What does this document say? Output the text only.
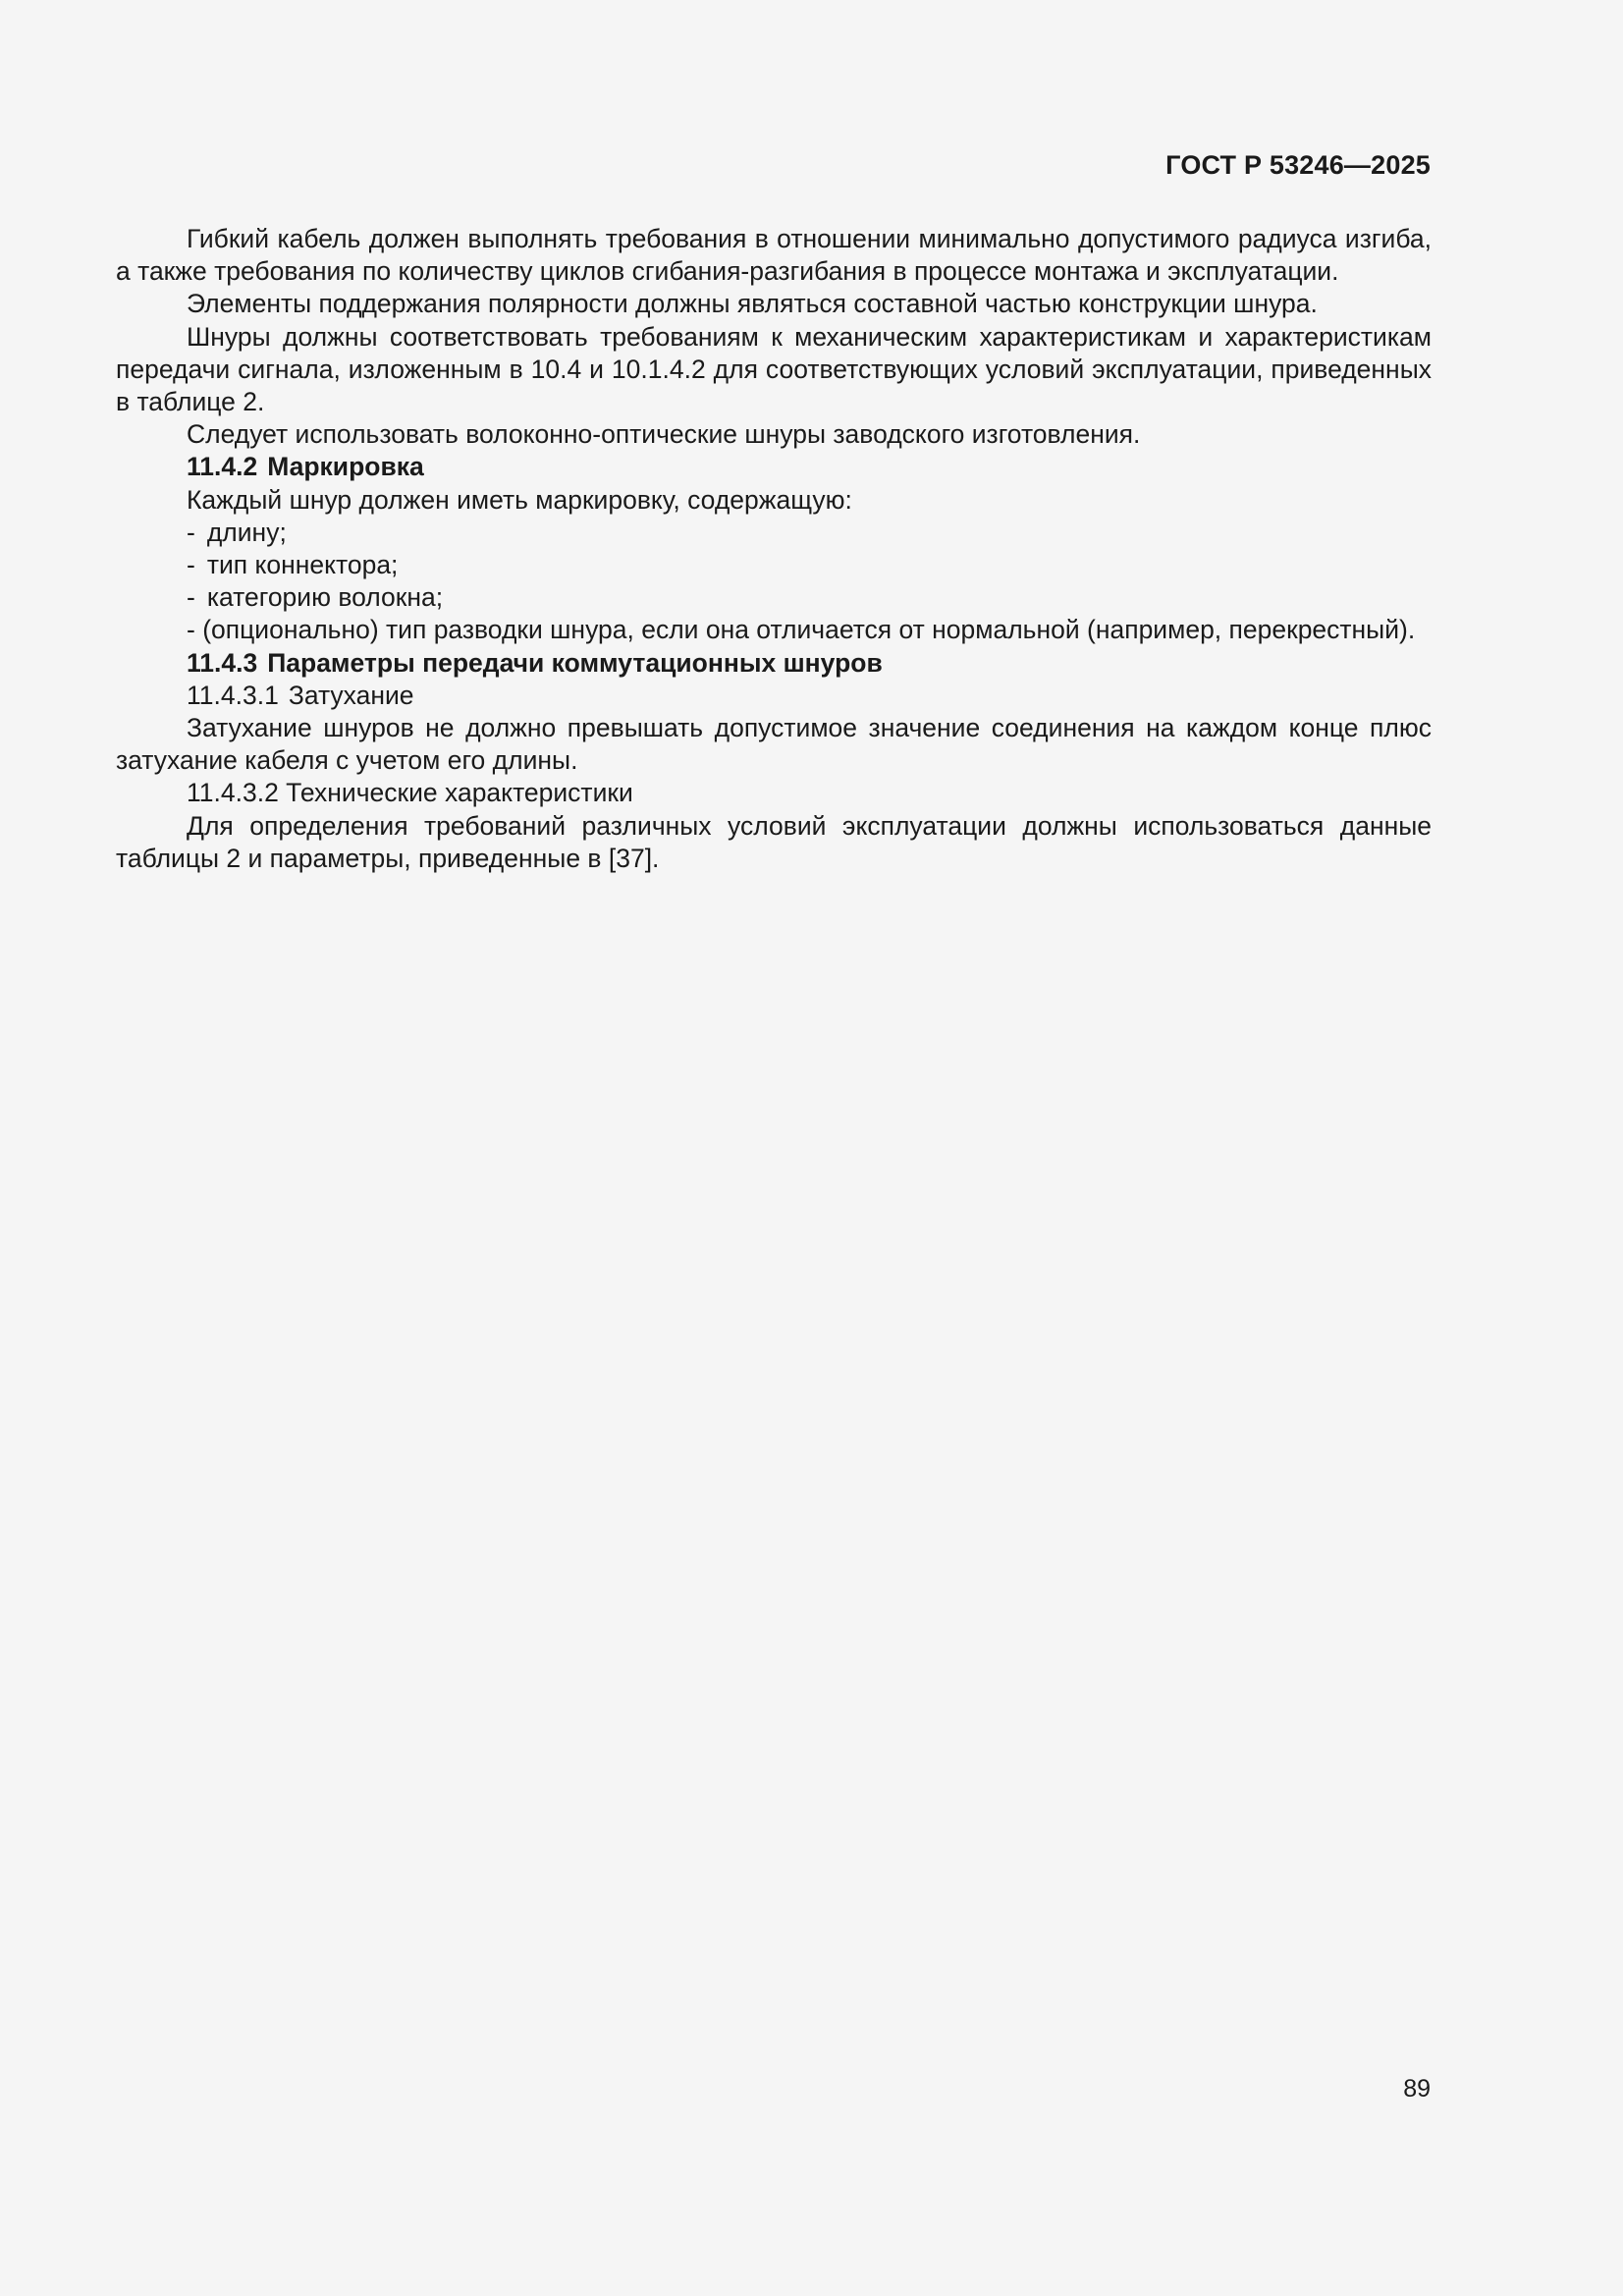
ГОСТ Р 53246—2025

Гибкий кабель должен выполнять требования в отношении минимально допустимого радиуса изгиба, а также требования по количеству циклов сгибания-разгибания в процессе монтажа и эксплуатации.

Элементы поддержания полярности должны являться составной частью конструкции шнура.

Шнуры должны соответствовать требованиям к механическим характеристикам и характеристикам передачи сигнала, изложенным в 10.4 и 10.1.4.2 для соответствующих условий эксплуатации, приведенных в таблице 2.

Следует использовать волоконно-оптические шнуры заводского изготовления.

11.4.2 Маркировка

Каждый шнур должен иметь маркировку, содержащую:

- длину;

- тип коннектора;

- категорию волокна;

- (опционально) тип разводки шнура, если она отличается от нормальной (например, перекрестный).

11.4.3 Параметры передачи коммутационных шнуров

11.4.3.1 Затухание

Затухание шнуров не должно превышать допустимое значение соединения на каждом конце плюс затухание кабеля с учетом его длины.

11.4.3.2 Технические характеристики

Для определения требований различных условий эксплуатации должны использоваться данные таблицы 2 и параметры, приведенные в [37].

89
